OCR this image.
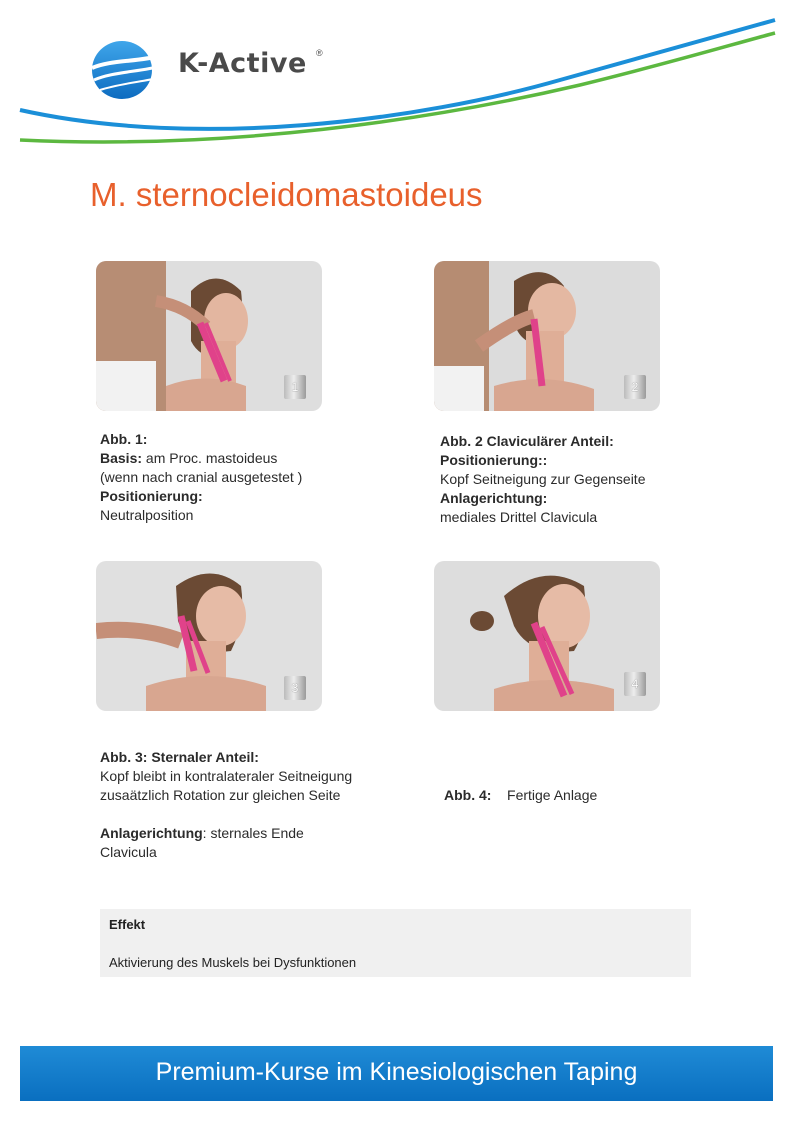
K-Active ®
M. sternocleidomastoideus
1	2
3	4
Abb. 1:
Basis: am Proc. mastoideus
(wenn nach cranial ausgetestet )
Positionierung:
Neutralposition
Abb. 2 Claviculärer Anteil:
Positionierung::
Kopf Seitneigung zur Gegenseite
Anlagerichtung:
mediales Drittel Clavicula
Abb. 3: Sternaler Anteil:
Kopf bleibt in kontralateraler Seitneigung
zusaätzlich Rotation zur gleichen Seite
Anlagerichtung: sternales Ende
Clavicula

Abb. 4:    Fertige Anlage

Effekt
Aktivierung des Muskels bei Dysfunktionen
Premium-Kurse im Kinesiologischen Taping
